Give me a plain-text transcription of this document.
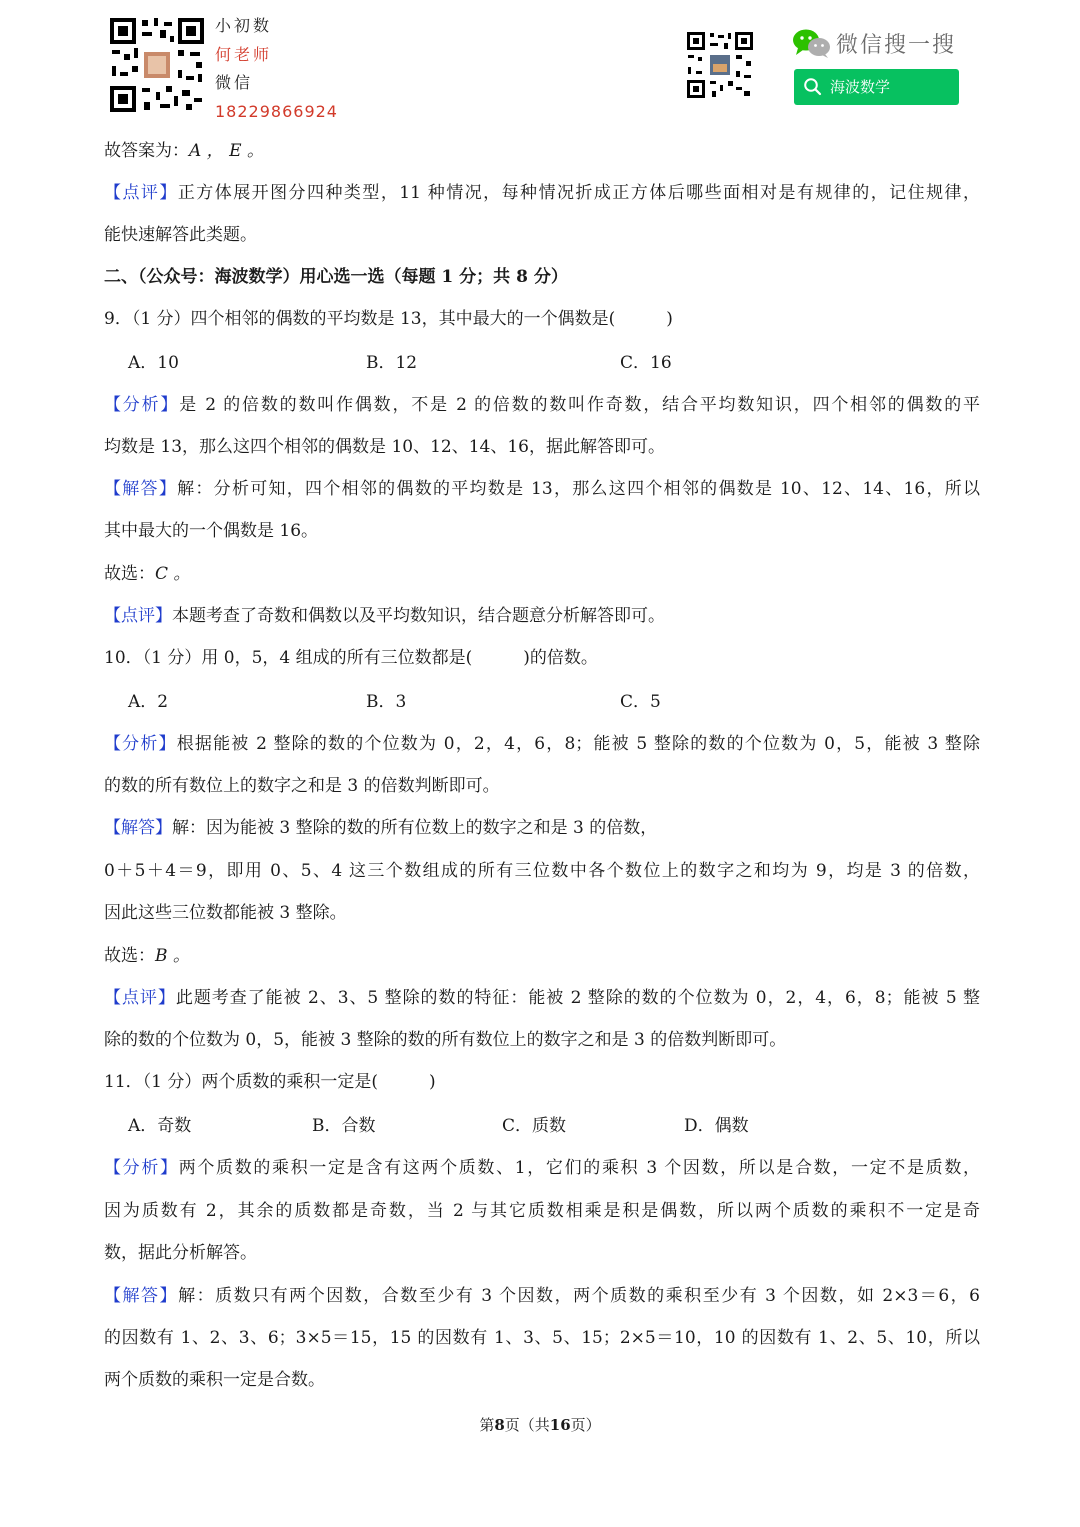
小初数
何老师
微信
18229866924
微信搜一搜
海波数学
故答案为：A ， E 。
【点评】正方体展开图分四种类型，11 种情况，每种情况折成正方体后哪些面相对是有规律的，记住规律，
能快速解答此类题。
二、（公众号：海波数学）用心选一选（每题 1 分；共 8 分）
9．（1 分）四个相邻的偶数的平均数是 13，其中最大的一个偶数是(　　　)
A．10	B．12	C．16
【分析】是 2 的倍数的数叫作偶数，不是 2 的倍数的数叫作奇数，结合平均数知识，四个相邻的偶数的平
均数是 13，那么这四个相邻的偶数是 10、12、14、16，据此解答即可。
【解答】解：分析可知，四个相邻的偶数的平均数是 13，那么这四个相邻的偶数是 10、12、14、16，所以
其中最大的一个偶数是 16。
故选：C 。
【点评】本题考查了奇数和偶数以及平均数知识，结合题意分析解答即可。
10．（1 分）用 0，5，4 组成的所有三位数都是(　　　)的倍数。
A．2	B．3	C．5
【分析】根据能被 2 整除的数的个位数为 0，2，4，6，8；能被 5 整除的数的个位数为 0，5，能被 3 整除
的数的所有数位上的数字之和是 3 的倍数判断即可。
【解答】解：因为能被 3 整除的数的所有位数上的数字之和是 3 的倍数，
0＋5＋4＝9，即用 0、5、4 这三个数组成的所有三位数中各个数位上的数字之和均为 9，均是 3 的倍数，
因此这些三位数都能被 3 整除。
故选：B 。
【点评】此题考查了能被 2、3、5 整除的数的特征：能被 2 整除的数的个位数为 0，2，4，6，8；能被 5 整
除的数的个位数为 0，5，能被 3 整除的数的所有数位上的数字之和是 3 的倍数判断即可。
11．（1 分）两个质数的乘积一定是(　　　)
A．奇数	B．合数	C．质数	D．偶数
【分析】两个质数的乘积一定是含有这两个质数、1，它们的乘积 3 个因数，所以是合数，一定不是质数，
因为质数有 2，其余的质数都是奇数，当 2 与其它质数相乘是积是偶数，所以两个质数的乘积不一定是奇
数，据此分析解答。
【解答】解：质数只有两个因数，合数至少有 3 个因数，两个质数的乘积至少有 3 个因数，如 2×3＝6，6
的因数有 1、2、3、6；3×5＝15，15 的因数有 1、3、5、15；2×5＝10，10 的因数有 1、2、5、10，所以
两个质数的乘积一定是合数。
第8页（共16页）
